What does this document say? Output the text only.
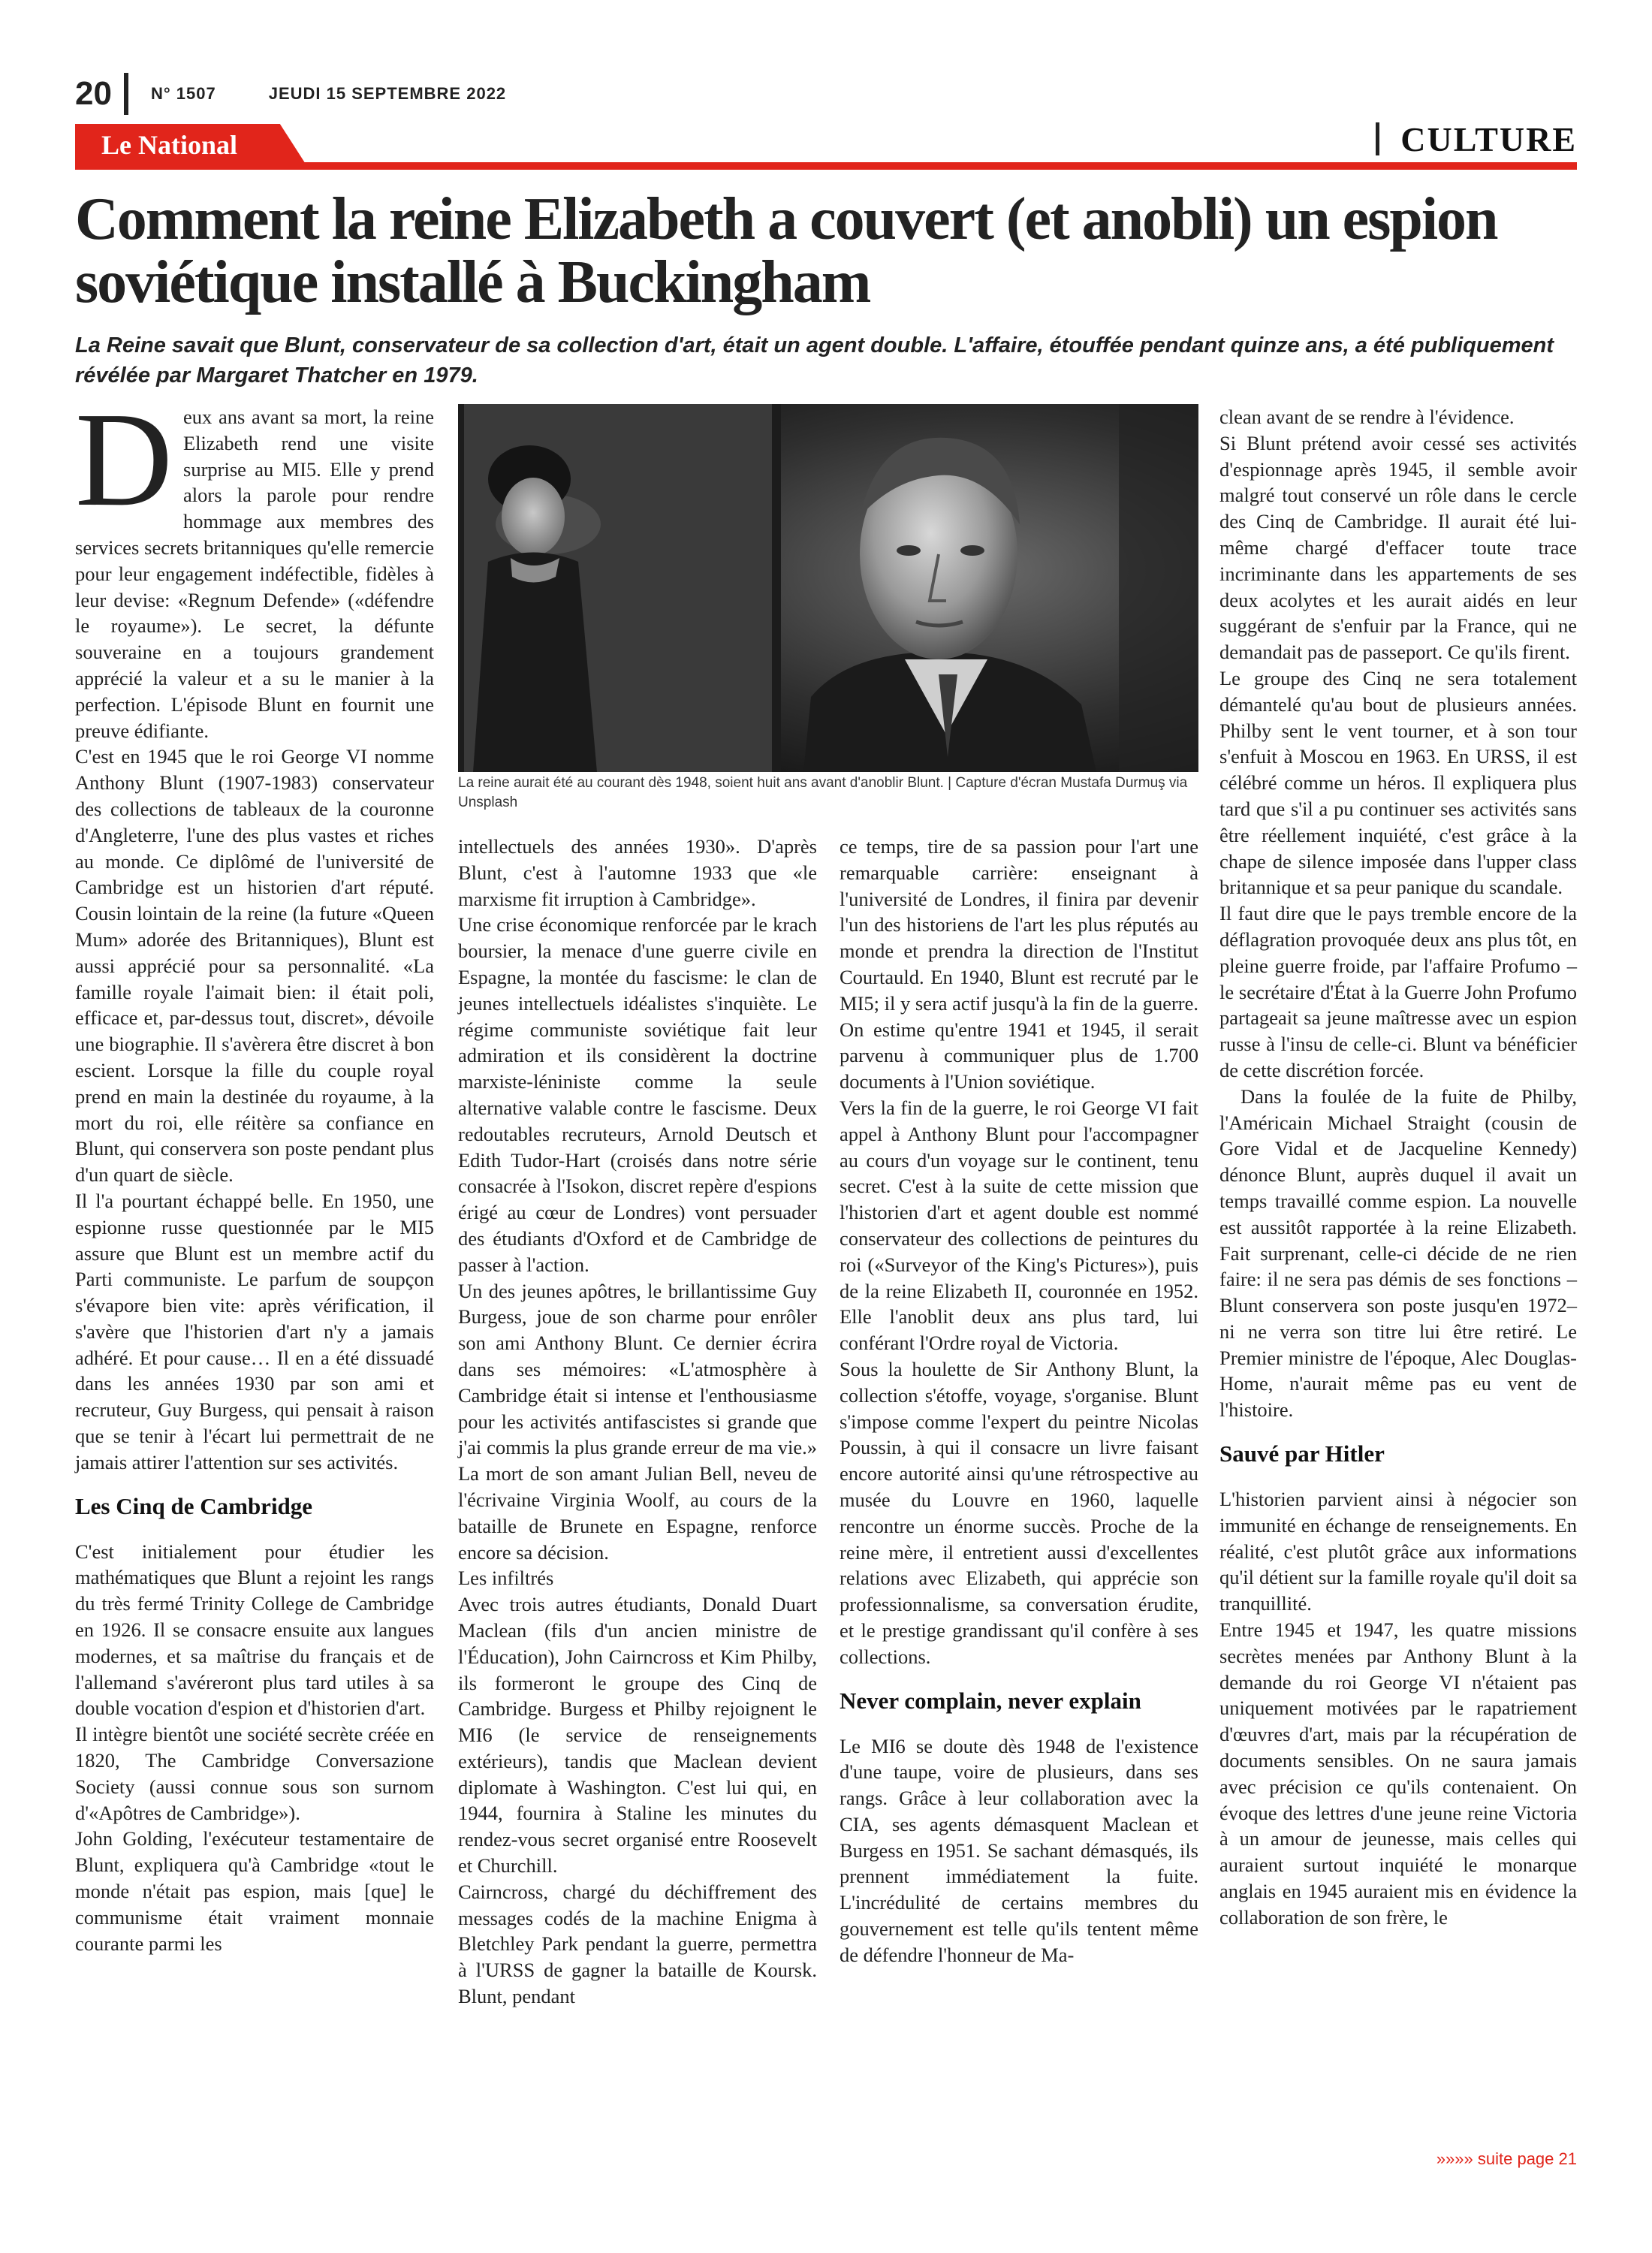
20 N° 1507	JEUDI 15 SEPTEMBRE 2022
Le National	CULTURE
Comment la reine Elizabeth a couvert (et anobli) un espion soviétique installé à Buckingham

La Reine savait que Blunt, conservateur de sa collection d'art, était un agent double. L'affaire, étouffée pendant quinze ans, a été publiquement révélée par Margaret Thatcher en 1979.

Deux ans avant sa mort, la reine Elizabeth rend une visite surprise au MI5. Elle y prend alors la parole pour rendre hommage aux membres des services secrets britanniques qu'elle remercie pour leur engagement indéfectible, fidèles à leur devise: «Regnum Defende» («défendre le royaume»). Le secret, la défunte souveraine en a toujours grandement apprécié la valeur et a su le manier à la perfection. L'épisode Blunt en fournit une preuve édifiante.

C'est en 1945 que le roi George VI nomme Anthony Blunt (1907-1983) conservateur des collections de tableaux de la couronne d'Angleterre, l'une des plus vastes et riches au monde. Ce diplômé de l'université de Cambridge est un historien d'art réputé. Cousin lointain de la reine (la future «Queen Mum» adorée des Britanniques), Blunt est aussi apprécié pour sa personnalité. «La famille royale l'aimait bien: il était poli, efficace et, par-dessus tout, discret», dévoile une biographie. Il s'avèrera être discret à bon escient. Lorsque la fille du couple royal prend en main la destinée du royaume, à la mort du roi, elle réitère sa confiance en Blunt, qui conservera son poste pendant plus d'un quart de siècle.

Il l'a pourtant échappé belle. En 1950, une espionne russe questionnée par le MI5 assure que Blunt est un membre actif du Parti communiste. Le parfum de soupçon s'évapore bien vite: après vérification, il s'avère que l'historien d'art n'y a jamais adhéré. Et pour cause… Il en a été dissuadé dans les années 1930 par son ami et recruteur, Guy Burgess, qui pensait à raison que se tenir à l'écart lui permettrait de ne jamais attirer l'attention sur ses activités.

Les Cinq de Cambridge

C'est initialement pour étudier les mathématiques que Blunt a rejoint les rangs du très fermé Trinity College de Cambridge en 1926. Il se consacre ensuite aux langues modernes, et sa maîtrise du français et de l'allemand s'avéreront plus tard utiles à sa double vocation d'espion et d'historien d'art.

Il intègre bientôt une société secrète créée en 1820, The Cambridge Conversazione Society (aussi connue sous son surnom d'«Apôtres de Cambridge»).

John Golding, l'exécuteur testamentaire de Blunt, expliquera qu'à Cambridge «tout le monde n'était pas espion, mais [que] le communisme était vraiment monnaie courante parmi les

La reine aurait été au courant dès 1948, soient huit ans avant d'anoblir Blunt. | Capture d'écran Mustafa Durmuş via Unsplash

intellectuels des années 1930». D'après Blunt, c'est à l'automne 1933 que «le marxisme fit irruption à Cambridge».

Une crise économique renforcée par le krach boursier, la menace d'une guerre civile en Espagne, la montée du fascisme: le clan de jeunes intellectuels idéalistes s'inquiète. Le régime communiste soviétique fait leur admiration et ils considèrent la doctrine marxiste-léniniste comme la seule alternative valable contre le fascisme. Deux redoutables recruteurs, Arnold Deutsch et Edith Tudor-Hart (croisés dans notre série consacrée à l'Isokon, discret repère d'espions érigé au cœur de Londres) vont persuader des étudiants d'Oxford et de Cambridge de passer à l'action.

Un des jeunes apôtres, le brillantissime Guy Burgess, joue de son charme pour enrôler son ami Anthony Blunt. Ce dernier écrira dans ses mémoires: «L'atmosphère à Cambridge était si intense et l'enthousiasme pour les activités antifascistes si grande que j'ai commis la plus grande erreur de ma vie.» La mort de son amant Julian Bell, neveu de l'écrivaine Virginia Woolf, au cours de la bataille de Brunete en Espagne, renforce encore sa décision.

Les infiltrés

Avec trois autres étudiants, Donald Duart Maclean (fils d'un ancien ministre de l'Éducation), John Cairncross et Kim Philby, ils formeront le groupe des Cinq de Cambridge. Burgess et Philby rejoignent le MI6 (le service de renseignements extérieurs), tandis que Maclean devient diplomate à Washington. C'est lui qui, en 1944, fournira à Staline les minutes du rendez-vous secret organisé entre Roosevelt et Churchill.

Cairncross, chargé du déchiffrement des messages codés de la machine Enigma à Bletchley Park pendant la guerre, permettra à l'URSS de gagner la bataille de Koursk. Blunt, pendant

ce temps, tire de sa passion pour l'art une remarquable carrière: enseignant à l'université de Londres, il finira par devenir l'un des historiens de l'art les plus réputés au monde et prendra la direction de l'Institut Courtauld. En 1940, Blunt est recruté par le MI5; il y sera actif jusqu'à la fin de la guerre. On estime qu'entre 1941 et 1945, il serait parvenu à communiquer plus de 1.700 documents à l'Union soviétique.

Vers la fin de la guerre, le roi George VI fait appel à Anthony Blunt pour l'accompagner au cours d'un voyage sur le continent, tenu secret. C'est à la suite de cette mission que l'historien d'art et agent double est nommé conservateur des collections de peintures du roi («Surveyor of the King's Pictures»), puis de la reine Elizabeth II, couronnée en 1952. Elle l'anoblit deux ans plus tard, lui conférant l'Ordre royal de Victoria.

Sous la houlette de Sir Anthony Blunt, la collection s'étoffe, voyage, s'organise. Blunt s'impose comme l'expert du peintre Nicolas Poussin, à qui il consacre un livre faisant encore autorité ainsi qu'une rétrospective au musée du Louvre en 1960, laquelle rencontre un énorme succès. Proche de la reine mère, il entretient aussi d'excellentes relations avec Elizabeth, qui apprécie son professionnalisme, sa conversation érudite, et le prestige grandissant qu'il confère à ses collections.

Never complain, never explain

Le MI6 se doute dès 1948 de l'existence d'une taupe, voire de plusieurs, dans ses rangs. Grâce à leur collaboration avec la CIA, ses agents démasquent Maclean et Burgess en 1951. Se sachant démasqués, ils prennent immédiatement la fuite. L'incrédulité de certains membres du gouvernement est telle qu'ils tentent même de défendre l'honneur de Ma-

clean avant de se rendre à l'évidence.

Si Blunt prétend avoir cessé ses activités d'espionnage après 1945, il semble avoir malgré tout conservé un rôle dans le cercle des Cinq de Cambridge. Il aurait été lui-même chargé d'effacer toute trace incriminante dans les appartements de ses deux acolytes et les aurait aidés en leur suggérant de s'enfuir par la France, qui ne demandait pas de passeport. Ce qu'ils firent.

Le groupe des Cinq ne sera totalement démantelé qu'au bout de plusieurs années. Philby sent le vent tourner, et à son tour s'enfuit à Moscou en 1963. En URSS, il est célébré comme un héros. Il expliquera plus tard que s'il a pu continuer ses activités sans être réellement inquiété, c'est grâce à la chape de silence imposée dans l'upper class britannique et sa peur panique du scandale.

Il faut dire que le pays tremble encore de la déflagration provoquée deux ans plus tôt, en pleine guerre froide, par l'affaire Profumo –le secrétaire d'État à la Guerre John Profumo partageait sa jeune maîtresse avec un espion russe à l'insu de celle-ci. Blunt va bénéficier de cette discrétion forcée.

Dans la foulée de la fuite de Philby, l'Américain Michael Straight (cousin de Gore Vidal et de Jacqueline Kennedy) dénonce Blunt, auprès duquel il avait un temps travaillé comme espion. La nouvelle est aussitôt rapportée à la reine Elizabeth. Fait surprenant, celle-ci décide de ne rien faire: il ne sera pas démis de ses fonctions –Blunt conservera son poste jusqu'en 1972– ni ne verra son titre lui être retiré. Le Premier ministre de l'époque, Alec Douglas-Home, n'aurait même pas eu vent de l'histoire.

Sauvé par Hitler

L'historien parvient ainsi à négocier son immunité en échange de renseignements. En réalité, c'est plutôt grâce aux informations qu'il détient sur la famille royale qu'il doit sa tranquillité.

Entre 1945 et 1947, les quatre missions secrètes menées par Anthony Blunt à la demande du roi George VI n'étaient pas uniquement motivées par le rapatriement d'œuvres d'art, mais par la récupération de documents sensibles. On ne saura jamais avec précision ce qu'ils contenaient. On évoque des lettres d'une jeune reine Victoria à un amour de jeunesse, mais celles qui auraient surtout inquiété le monarque anglais en 1945 auraient mis en évidence la collaboration de son frère, le

»»»» suite page 21
